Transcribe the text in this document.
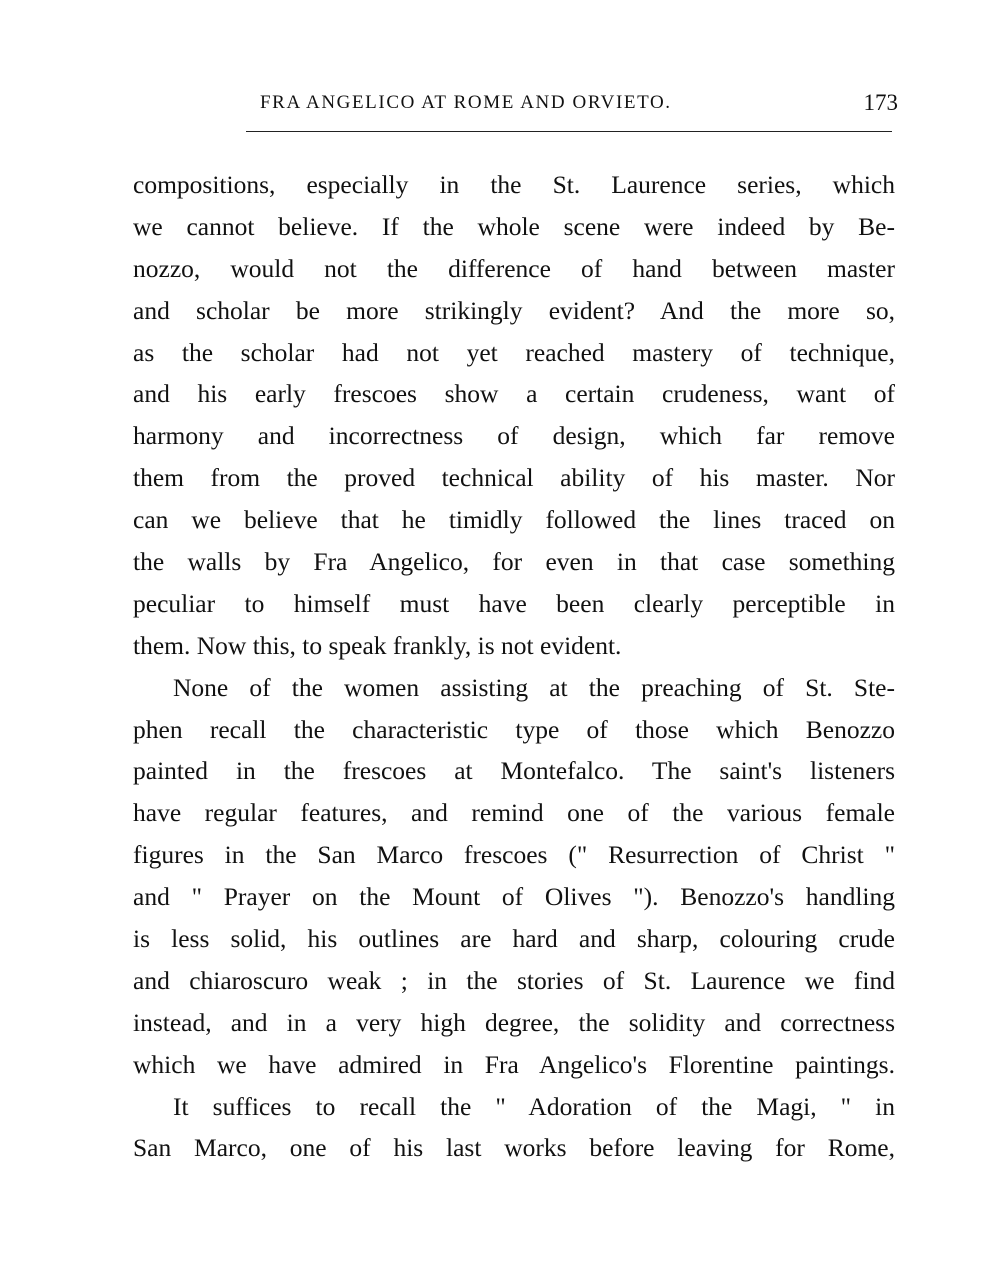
FRA ANGELICO AT ROME AND ORVIETO.	173
compositions, especially in the St. Laurence series, which
we cannot believe. If the whole scene were indeed by Be-
nozzo, would not the difference of hand between master
and scholar be more strikingly evident? And the more so,
as the scholar had not yet reached mastery of technique,
and his early frescoes show a certain crudeness, want of
harmony and incorrectness of design, which far remove
them from the proved technical ability of his master. Nor
can we believe that he timidly followed the lines traced on
the walls by Fra Angelico, for even in that case something
peculiar to himself must have been clearly perceptible in
them. Now this, to speak frankly, is not evident.
None of the women assisting at the preaching of St. Ste-
phen recall the characteristic type of those which Benozzo
painted in the frescoes at Montefalco. The saint's listeners
have regular features, and remind one of the various female
figures in the San Marco frescoes (" Resurrection of Christ "
and " Prayer on the Mount of Olives "). Benozzo's handling
is less solid, his outlines are hard and sharp, colouring crude
and chiaroscuro weak ; in the stories of St. Laurence we find
instead, and in a very high degree, the solidity and correctness
which we have admired in Fra Angelico's Florentine paintings.
It suffices to recall the " Adoration of the Magi, " in
San Marco, one of his last works before leaving for Rome,
